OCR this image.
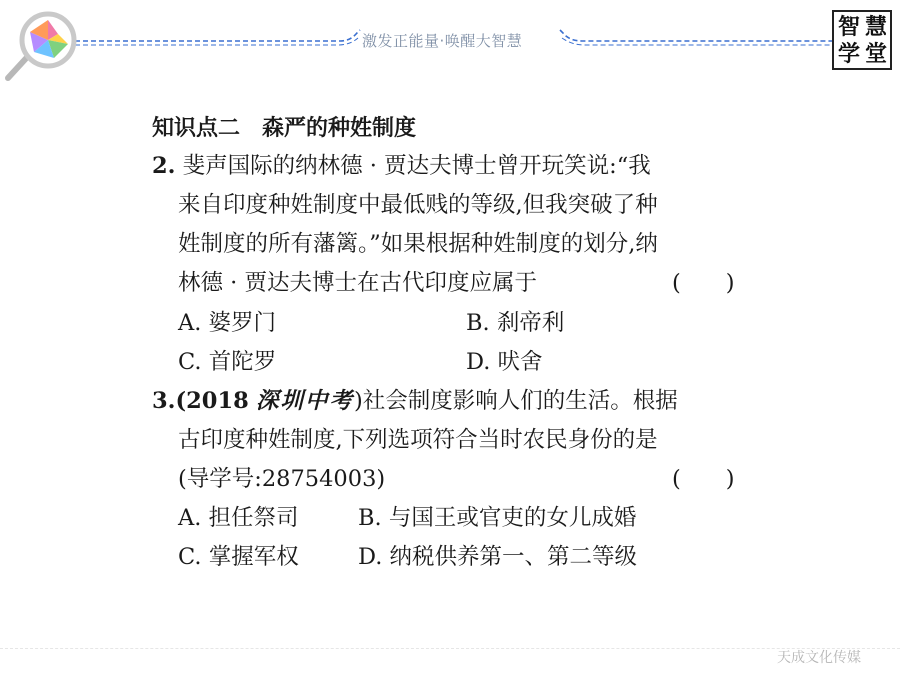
激发正能量·唤醒大智慧
智 慧
学 堂
知识点二 森严的种姓制度
2. 斐声国际的纳林德 · 贾达夫博士曾开玩笑说:“我
来自印度种姓制度中最低贱的等级,但我突破了种
姓制度的所有藩篱。”如果根据种姓制度的划分,纳
林德 · 贾达夫博士在古代印度应属于	(　　)
A. 婆罗门	B. 刹帝利
C. 首陀罗	D. 吠舍
3.(2018 深圳中考)社会制度影响人们的生活。根据
古印度种姓制度,下列选项符合当时农民身份的是
(导学号:28754003)	(　　)
A. 担任祭司	B. 与国王或官吏的女儿成婚
C. 掌握军权	D. 纳税供养第一、第二等级
天成文化传媒
